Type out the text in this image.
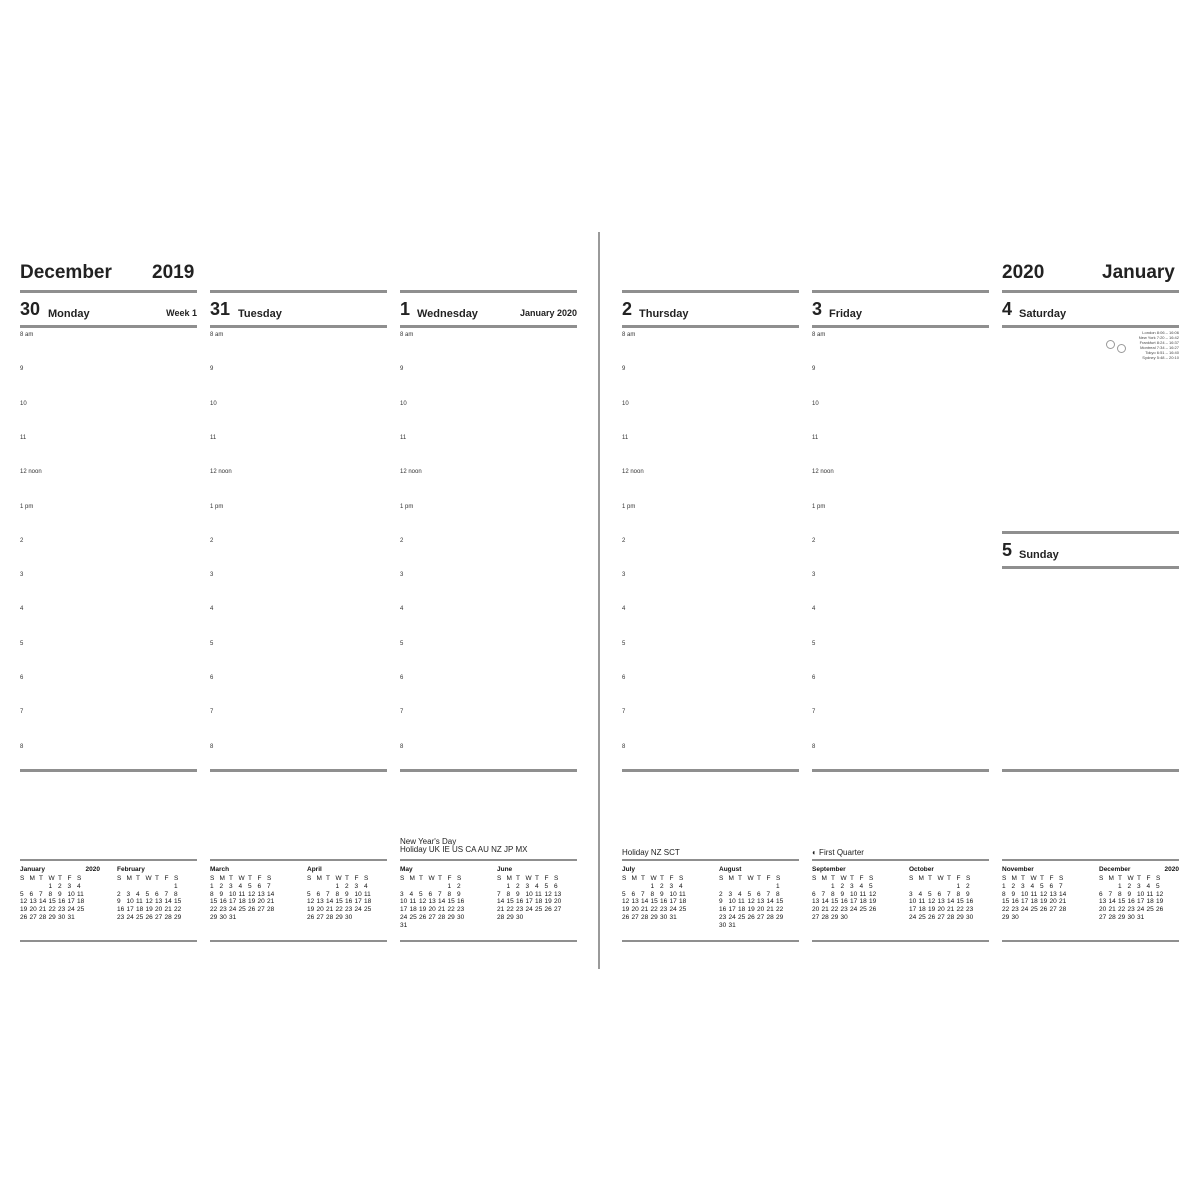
December 2019	2020	January
30 Monday	Week 1
8 am
9
10
11
12 noon
1 pm
2
3
4
5
6
7
8
31 Tuesday
8 am
9
10
11
12 noon
1 pm
2
3
4
5
6
7
8
1 Wednesday	January 2020
8 am
9
10
11
12 noon
1 pm
2
3
4
5
6
7
8
New Year's Day
Holiday UK IE US CA AU NZ JP MX
2 Thursday
8 am
9
10
11
12 noon
1 pm
2
3
4
5
6
7
8
Holiday NZ SCT
3 Friday
8 am
9
10
11
12 noon
1 pm
2
3
4
5
6
7
8
◐ First Quarter
4 Saturday
5 Sunday
January	2020
S	M	T	W	T	F	S
			1	2	3	4
5	6	7	8	9	10	11
12	13	14	15	16	17	18
19	20	21	22	23	24	25
26	27	28	29	30	31	
February
S	M	T	W	T	F	S
						1
2	3	4	5	6	7	8
9	10	11	12	13	14	15
16	17	18	19	20	21	22
23	24	25	26	27	28	29
March
S	M	T	W	T	F	S
1	2	3	4	5	6	7
8	9	10	11	12	13	14
15	16	17	18	19	20	21
22	23	24	25	26	27	28
29	30	31				
April
S	M	T	W	T	F	S
			1	2	3	4
5	6	7	8	9	10	11
12	13	14	15	16	17	18
19	20	21	22	23	24	25
26	27	28	29	30		
May
S	M	T	W	T	F	S
					1	2
3	4	5	6	7	8	9
10	11	12	13	14	15	16
17	18	19	20	21	22	23
24	25	26	27	28	29	30
31						
June
S	M	T	W	T	F	S
	1	2	3	4	5	6
7	8	9	10	11	12	13
14	15	16	17	18	19	20
21	22	23	24	25	26	27
28	29	30				
July
S	M	T	W	T	F	S
			1	2	3	4
5	6	7	8	9	10	11
12	13	14	15	16	17	18
19	20	21	22	23	24	25
26	27	28	29	30	31	
August
S	M	T	W	T	F	S
						1
2	3	4	5	6	7	8
9	10	11	12	13	14	15
16	17	18	19	20	21	22
23	24	25	26	27	28	29
30	31					
September
S	M	T	W	T	F	S
		1	2	3	4	5
6	7	8	9	10	11	12
13	14	15	16	17	18	19
20	21	22	23	24	25	26
27	28	29	30			
October
S	M	T	W	T	F	S
					1	2
3	4	5	6	7	8	9
10	11	12	13	14	15	16
17	18	19	20	21	22	23
24	25	26	27	28	29	30
November
S	M	T	W	T	F	S
1	2	3	4	5	6	7
8	9	10	11	12	13	14
15	16	17	18	19	20	21
22	23	24	25	26	27	28
29	30					
December	2020
S	M	T	W	T	F	S
		1	2	3	4	5
6	7	8	9	10	11	12
13	14	15	16	17	18	19
20	21	22	23	24	25	26
27	28	29	30	31		
London 8:06 – 16:06
New York 7:20 – 16:42
Frankfurt 8:24 – 16:37
Montreal 7:34 – 16:27
Tokyo 6:51 – 16:40
Sydney 5:48 – 20:10
